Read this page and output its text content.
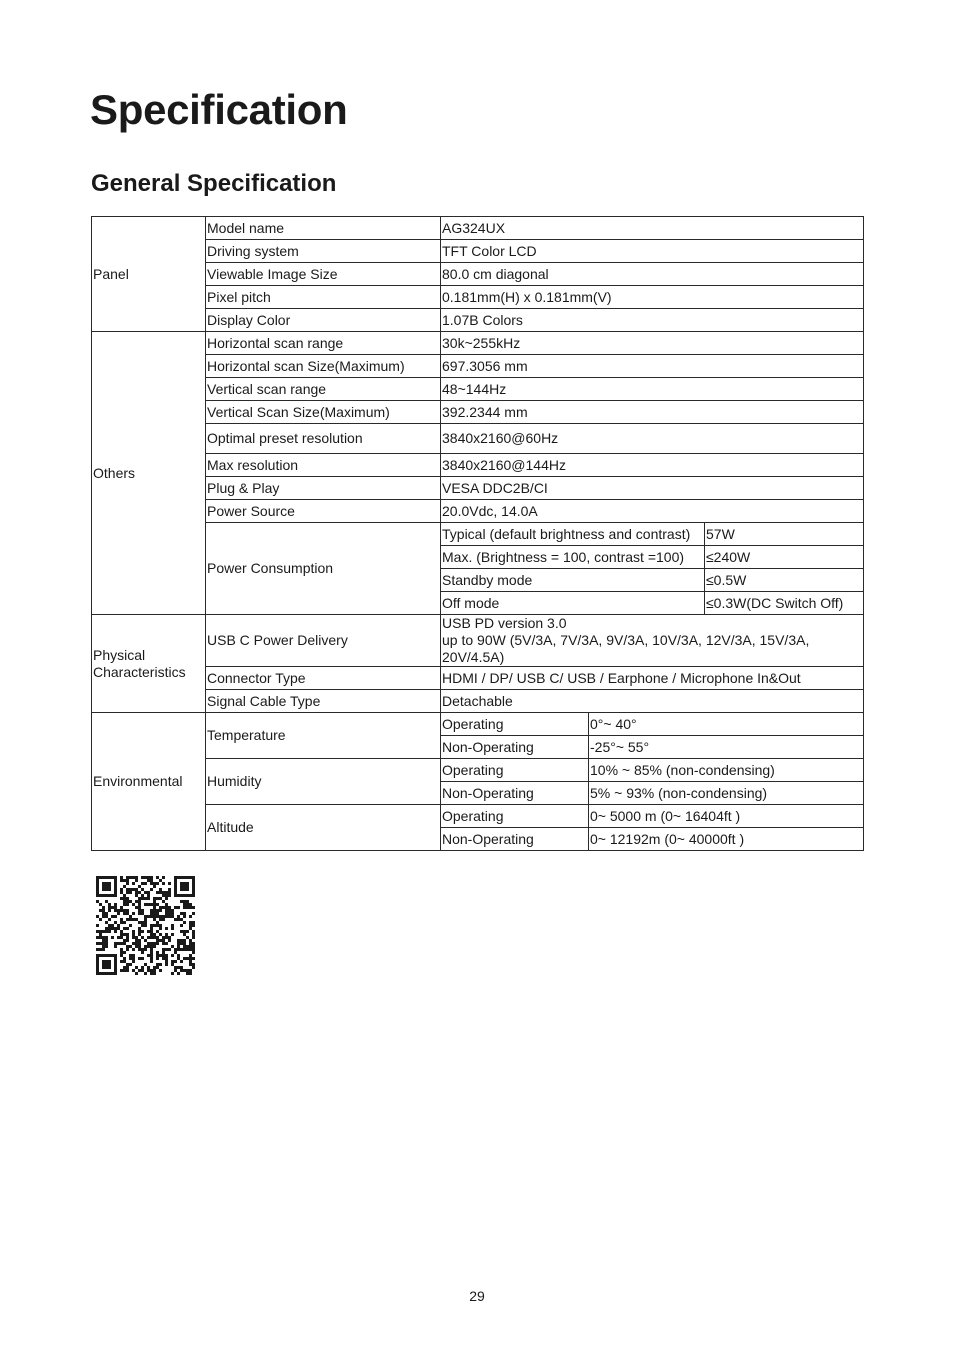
Specification
General Specification
Panel	Model name	AG324UX		
	Driving system	TFT Color LCD		
	Viewable Image Size	80.0 cm diagonal		
	Pixel pitch	0.181mm(H) x 0.181mm(V)		
	Display Color	1.07B Colors		
Others	Horizontal scan range	30k~255kHz		
	Horizontal scan Size(Maximum)	697.3056 mm		
	Vertical scan range	48~144Hz		
	Vertical Scan Size(Maximum)	392.2344 mm		
	Optimal preset resolution	3840x2160@60Hz		
	Max resolution	3840x2160@144Hz		
	Plug & Play	VESA DDC2B/CI		
	Power Source	20.0Vdc, 14.0A		
	Power Consumption	Typical (default brightness and contrast)		57W
		Max. (Brightness = 100, contrast =100)		≤240W
		Standby mode		≤0.5W
		Off mode		≤0.3W(DC Switch Off)
Physical
Characteristics	USB C Power Delivery	USB PD version 3.0
up to 90W (5V/3A, 7V/3A, 9V/3A, 10V/3A, 12V/3A, 15V/3A,
20V/4.5A)		
	Connector Type	HDMI / DP/ USB C/ USB / Earphone / Microphone In&Out		
	Signal Cable Type	Detachable		
Environmental	Temperature	Operating	0°~ 40°	
		Non-Operating	-25°~ 55°	
	Humidity	Operating	10% ~ 85% (non-condensing)	
		Non-Operating	5% ~ 93% (non-condensing)	
	Altitude	Operating	0~ 5000 m (0~ 16404ft )	
		Non-Operating	0~ 12192m (0~ 40000ft )	
29
